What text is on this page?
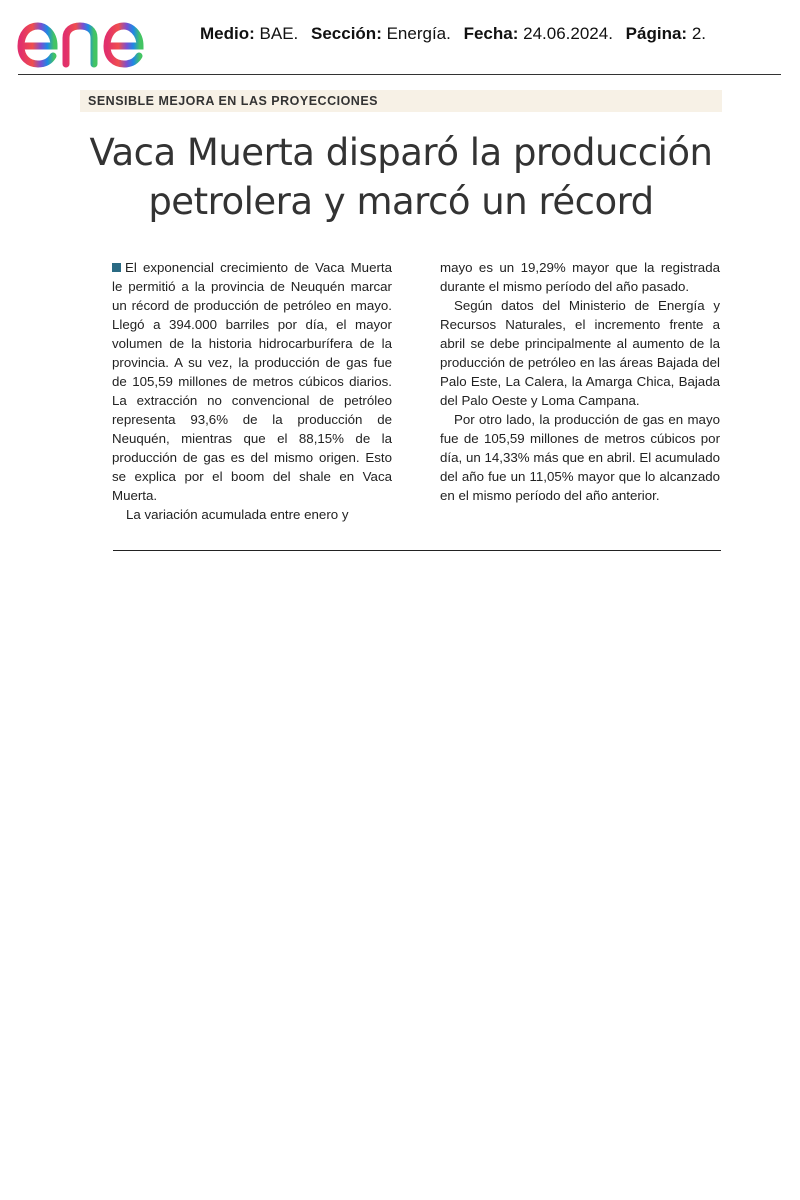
Medio: BAE. Sección: Energía. Fecha: 24.06.2024. Página: 2.
SENSIBLE MEJORA EN LAS PROYECCIONES
Vaca Muerta disparó la producción
petrolera y marcó un récord

El exponencial crecimiento de Vaca Muerta le permitió a la provincia de Neuquén marcar un récord de producción de petróleo en mayo. Llegó a 394.000 barriles por día, el mayor volumen de la historia hidrocarburífera de la provincia. A su vez, la producción de gas fue de 105,59 millones de metros cúbicos diarios. La extracción no convencional de petróleo representa 93,6% de la producción de Neuquén, mientras que el 88,15% de la producción de gas es del mismo origen. Esto se explica por el boom del shale en Vaca Muerta.

La variación acumulada entre enero y

mayo es un 19,29% mayor que la registrada durante el mismo período del año pasado.

Según datos del Ministerio de Energía y Recursos Naturales, el incremento frente a abril se debe principalmente al aumento de la producción de petróleo en las áreas Bajada del Palo Este, La Calera, la Amarga Chica, Bajada del Palo Oeste y Loma Campana.

Por otro lado, la producción de gas en mayo fue de 105,59 millones de metros cúbicos por día, un 14,33% más que en abril. El acumulado del año fue un 11,05% mayor que lo alcanzado en el mismo período del año anterior.
